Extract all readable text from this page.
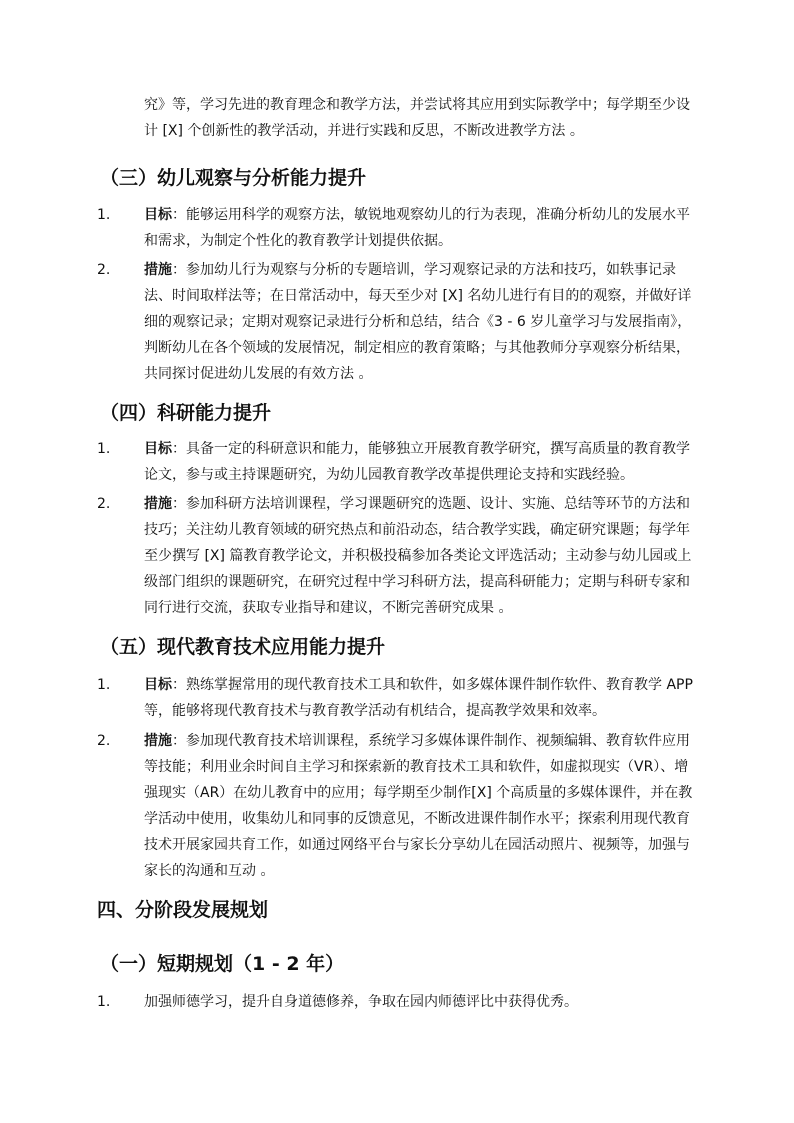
究》等，学习先进的教育理念和教学方法，并尝试将其应用到实际教学中；每学期至少设计 [X] 个创新性的教学活动，并进行实践和反思，不断改进教学方法 。

（三）幼儿观察与分析能力提升
1. 目标：能够运用科学的观察方法，敏锐地观察幼儿的行为表现，准确分析幼儿的发展水平和需求，为制定个性化的教育教学计划提供依据。

2. 措施：参加幼儿行为观察与分析的专题培训，学习观察记录的方法和技巧，如轶事记录法、时间取样法等；在日常活动中，每天至少对 [X] 名幼儿进行有目的的观察，并做好详细的观察记录；定期对观察记录进行分析和总结，结合《3 - 6 岁儿童学习与发展指南》，判断幼儿在各个领域的发展情况，制定相应的教育策略；与其他教师分享观察分析结果，共同探讨促进幼儿发展的有效方法 。

（四）科研能力提升
1. 目标：具备一定的科研意识和能力，能够独立开展教育教学研究，撰写高质量的教育教学论文，参与或主持课题研究，为幼儿园教育教学改革提供理论支持和实践经验。

2. 措施：参加科研方法培训课程，学习课题研究的选题、设计、实施、总结等环节的方法和技巧；关注幼儿教育领域的研究热点和前沿动态，结合教学实践，确定研究课题；每学年至少撰写 [X] 篇教育教学论文，并积极投稿参加各类论文评选活动；主动参与幼儿园或上级部门组织的课题研究，在研究过程中学习科研方法，提高科研能力；定期与科研专家和同行进行交流，获取专业指导和建议，不断完善研究成果 。

（五）现代教育技术应用能力提升
1. 目标：熟练掌握常用的现代教育技术工具和软件，如多媒体课件制作软件、教育教学 APP 等，能够将现代教育技术与教育教学活动有机结合，提高教学效果和效率。

2. 措施：参加现代教育技术培训课程，系统学习多媒体课件制作、视频编辑、教育软件应用等技能；利用业余时间自主学习和探索新的教育技术工具和软件，如虚拟现实（VR）、增强现实（AR）在幼儿教育中的应用；每学期至少制作[X] 个高质量的多媒体课件，并在教学活动中使用，收集幼儿和同事的反馈意见，不断改进课件制作水平；探索利用现代教育技术开展家园共育工作，如通过网络平台与家长分享幼儿在园活动照片、视频等，加强与家长的沟通和互动 。

四、分阶段发展规划
（一）短期规划（1 - 2 年）
1. 加强师德学习，提升自身道德修养，争取在园内师德评比中获得优秀。
